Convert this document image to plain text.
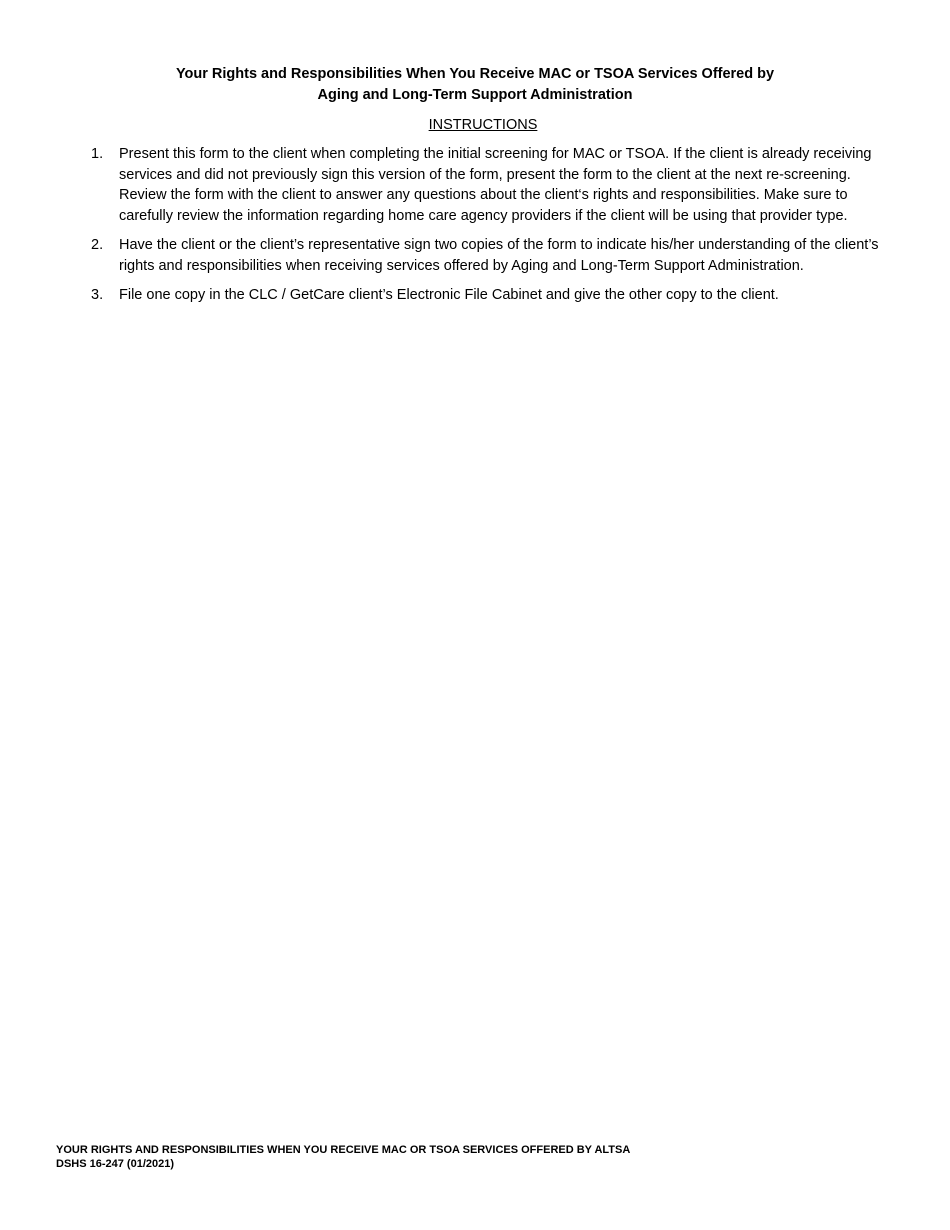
Your Rights and Responsibilities When You Receive MAC or TSOA Services Offered by
Aging and Long-Term Support Administration
INSTRUCTIONS
1. Present this form to the client when completing the initial screening for MAC or TSOA. If the client is already receiving services and did not previously sign this version of the form, present the form to the client at the next re-screening. Review the form with the client to answer any questions about the client‘s rights and responsibilities. Make sure to carefully review the information regarding home care agency providers if the client will be using that provider type.
2. Have the client or the client’s representative sign two copies of the form to indicate his/her understanding of the client’s rights and responsibilities when receiving services offered by Aging and Long-Term Support Administration.
3. File one copy in the CLC / GetCare client’s Electronic File Cabinet and give the other copy to the client.
YOUR RIGHTS AND RESPONSIBILITIES WHEN YOU RECEIVE MAC OR TSOA SERVICES OFFERED BY ALTSA
DSHS 16-247 (01/2021)
